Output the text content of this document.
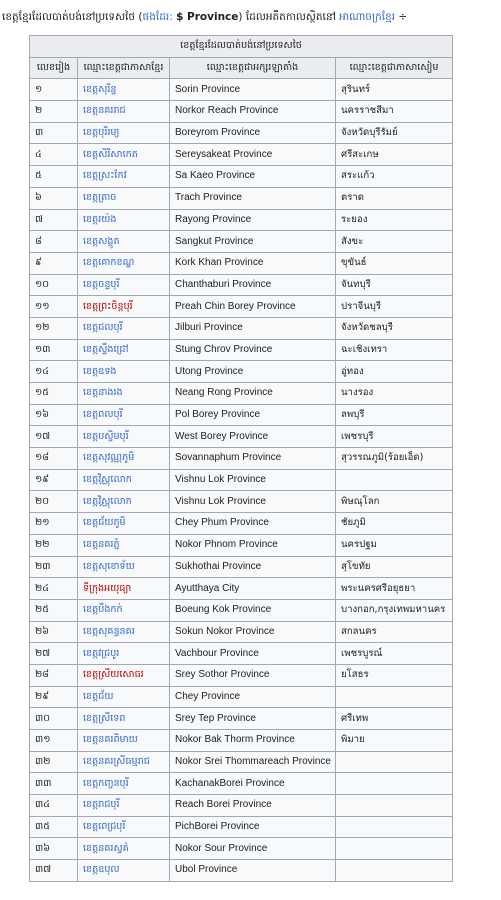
ខេត្តខ្មែរដែលបាត់បង់នៅប្រទេសថៃ (ផងដែរ: $ Province) ដែលអតីតកាលស្ថិតនៅ អាណាចក្រខ្មែរ ÷
ខេត្តខ្មែរដែលបាត់បង់នៅប្រទេសថៃ			
លេខរៀង	ឈ្មោះខេត្តជាភាសាខ្មែរ	ឈ្មោះខេត្តជាអក្សរឡាតាំង	ឈ្មោះខេត្តជាភាសាសៀម
១	ខេត្តសុរិន្ទ	Sorin Province	สุรินทร์
២	ខេត្តនគររាជ	Norkor Reach Province	นครราชสีมา
៣	ខេត្តបុរីរម្យ	Boreyrom Province	จังหวัดบุรีรัมย์
៤	ខេត្តសិរីសាកេត	Sereysakeat Province	ศรีสะเกษ
៥	ខេត្តស្រះកែវ	Sa Kaeo Province	สระแก้ว
៦	ខេត្តត្រាច	Trach Province	ตราด
៧	ខេត្តរយ៉ង	Rayong Province	ระยอง
៨	ខេត្តសង្គូត	Sangkut Province	สังขะ
៩	ខេត្តគោកខណ្ឌ	Kork Khan Province	ขุขันธ์
១០	ខេត្តចន្ទបុរី	Chanthaburi Province	จันทบุรี
១១	ខេត្តព្រះចិន្តបុរី	Preah Chin Borey Province	ปราจีนบุรี
១២	ខេត្តជលបុរី	Jilburi Province	จังหวัดชลบุรี
១៣	ខេត្តស្ទឹងជ្រៅ	Stung Chrov Province	ฉะเชิงเทรา
១៤	ខេត្តឧទង	Utong Province	อู่ทอง
១៥	ខេត្តនាងរង	Neang Rong Province	นางรอง
១៦	ខេត្តពលបុរី	Pol Borey Province	ลพบุรี
១៧	ខេត្តបស្ចិមបុរី	West Borey Province	เพชรบุรี
១៨	ខេត្តសុវណ្ណភូមិ	Sovannaphum Province	สุวรรณภูมิ(ร้อยเอ็ด)
១៩	ខេត្តវិស្ណុលោក	Vishnu Lok Province	
២០	ខេត្តវិស្ណុលោក	Vishnu Lok Province	พิษณุโลก
២១	ខេត្តជ័យភូមិ	Chey Phum Province	ชัยภูมิ
២២	ខេត្តនគរភ្នំ	Nokor Phnom Province	นครปฐม
២៣	ខេត្តសុខោទ័យ	Sukhothai Province	สุโขทัย
២៤	ទីក្រុងអយុធ្យា	Ayutthaya City	พระนครศรีอยุธยา
២៥	ខេត្តបឹងកក់	Boeung Kok Province	บางกอก,กรุงเทพมหานคร
២៦	ខេត្តសុគន្ធនគរ	Sokun Nokor Province	สกลนคร
២៧	ខេត្តវជ្របូរ	Vachbour Province	เพชรบูรณ์
២៨	ខេត្តស្រីយសោធរ	Srey Sothor Province	ยโสธร
២៩	ខេត្តជ័យ	Chey Province	
៣០	ខេត្តស្រីទេព	Srey Tep Province	ศรีเทพ
៣១	ខេត្តនគរពិមាយ	Nokor Bak Thorm Province	พิมาย
៣២	ខេត្តនគរស្រីធម្មរាជ	Nokor Srei Thommareach Province	
៣៣	ខេត្តកញ្ចនបុរី	KachanakBorei Province	
៣៤	ខេត្តរាជបុរី	Reach Borei Province	
៣៥	ខេត្តពេជ្របុរី	PichBorei Province	
៣៦	ខេត្តនគរស្វគ៌	Nokor Sour Province	
៣៧	ខេត្តឧបុល	Ubol Province	
